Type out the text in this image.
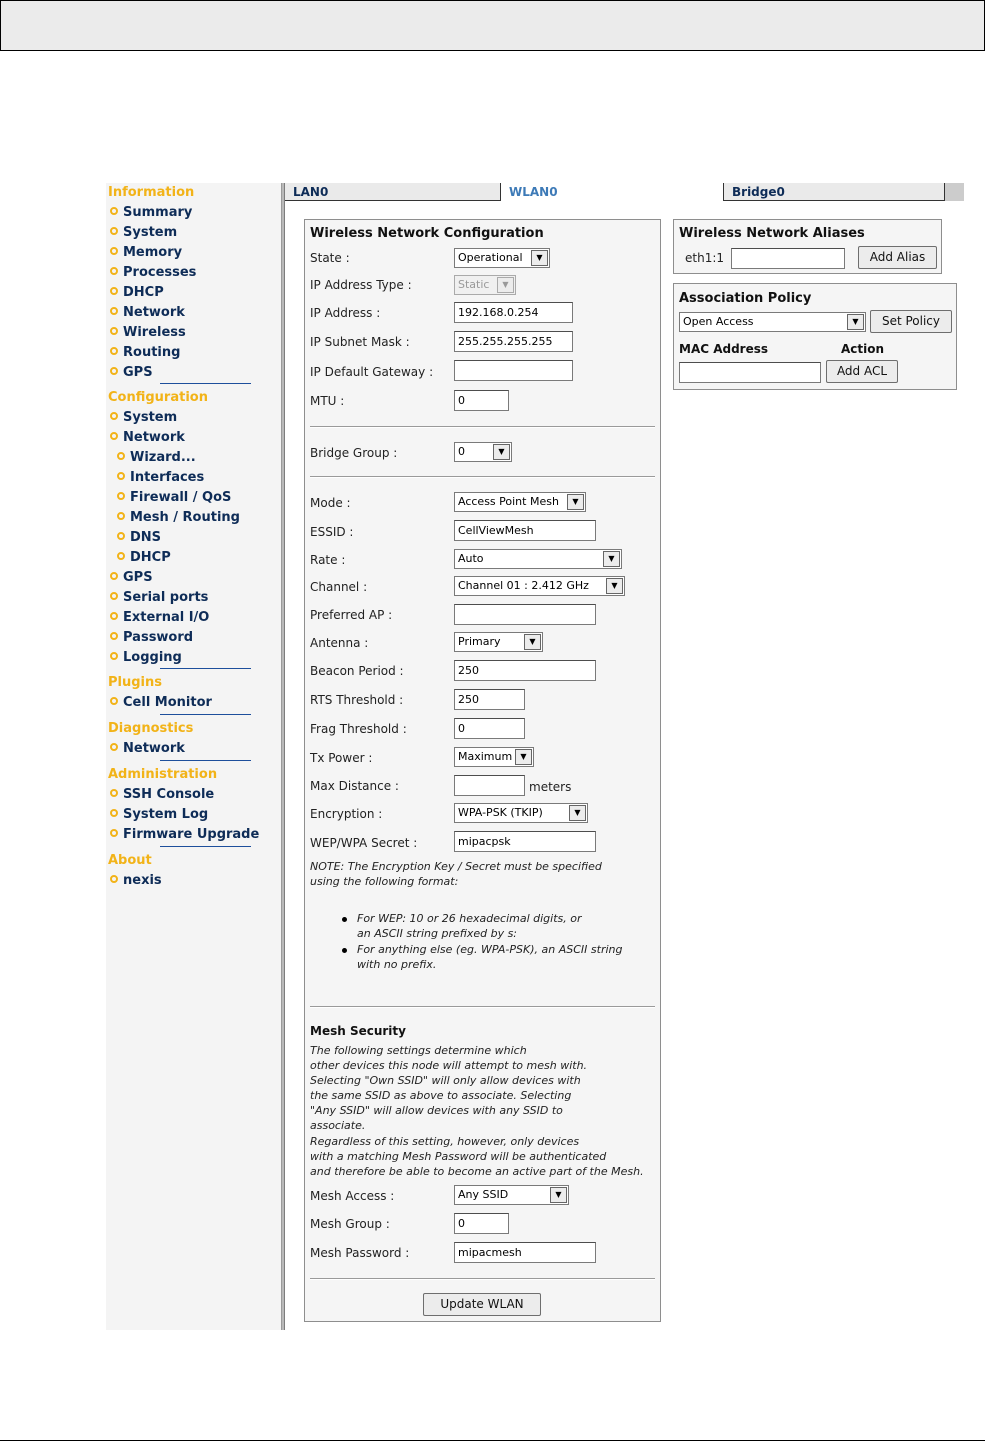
Information
Summary
System
Memory
Processes
DHCP
Network
Wireless
Routing
GPS
Configuration
System
Network
Wizard...
Interfaces
Firewall / QoS
Mesh / Routing
DNS
DHCP
GPS
Serial ports
External I/O
Password
Logging
Plugins
Cell Monitor
Diagnostics
Network
Administration
SSH Console
System Log
Firmware Upgrade
About
nexis
LAN0	WLAN0	Bridge0
Wireless Network Configuration
State :	Operational	▼
IP Address Type :	Static	▼
IP Address :	192.168.0.254
IP Subnet Mask :	255.255.255.255
IP Default Gateway :
MTU :	0
Bridge Group :	0	▼
Mode :	Access Point Mesh	▼
ESSID :	CellViewMesh
Rate :	Auto	▼
Channel :	Channel 01 : 2.412 GHz	▼
Preferred AP :
Antenna :	Primary	▼
Beacon Period :	250
RTS Threshold :	250
Frag Threshold :	0
Tx Power :	Maximum	▼
Max Distance :	meters
Encryption :	WPA-PSK (TKIP)	▼
WEP/WPA Secret :	mipacpsk
NOTE: The Encryption Key / Secret must be specified
using the following format:
For WEP: 10 or 26 hexadecimal digits, or
an ASCII string prefixed by s:
For anything else (eg. WPA-PSK), an ASCII string
with no prefix.
Mesh Security
The following settings determine which
other devices this node will attempt to mesh with.
Selecting "Own SSID" will only allow devices with
the same SSID as above to associate. Selecting
"Any SSID" will allow devices with any SSID to
associate.
Regardless of this setting, however, only devices
with a matching Mesh Password will be authenticated
and therefore be able to become an active part of the Mesh.
Mesh Access :	Any SSID	▼
Mesh Group :	0
Mesh Password :	mipacmesh
Update WLAN
Wireless Network Aliases
eth1:1	Add Alias
Association Policy
Open Access	▼	Set Policy
MAC Address	Action
Add ACL
